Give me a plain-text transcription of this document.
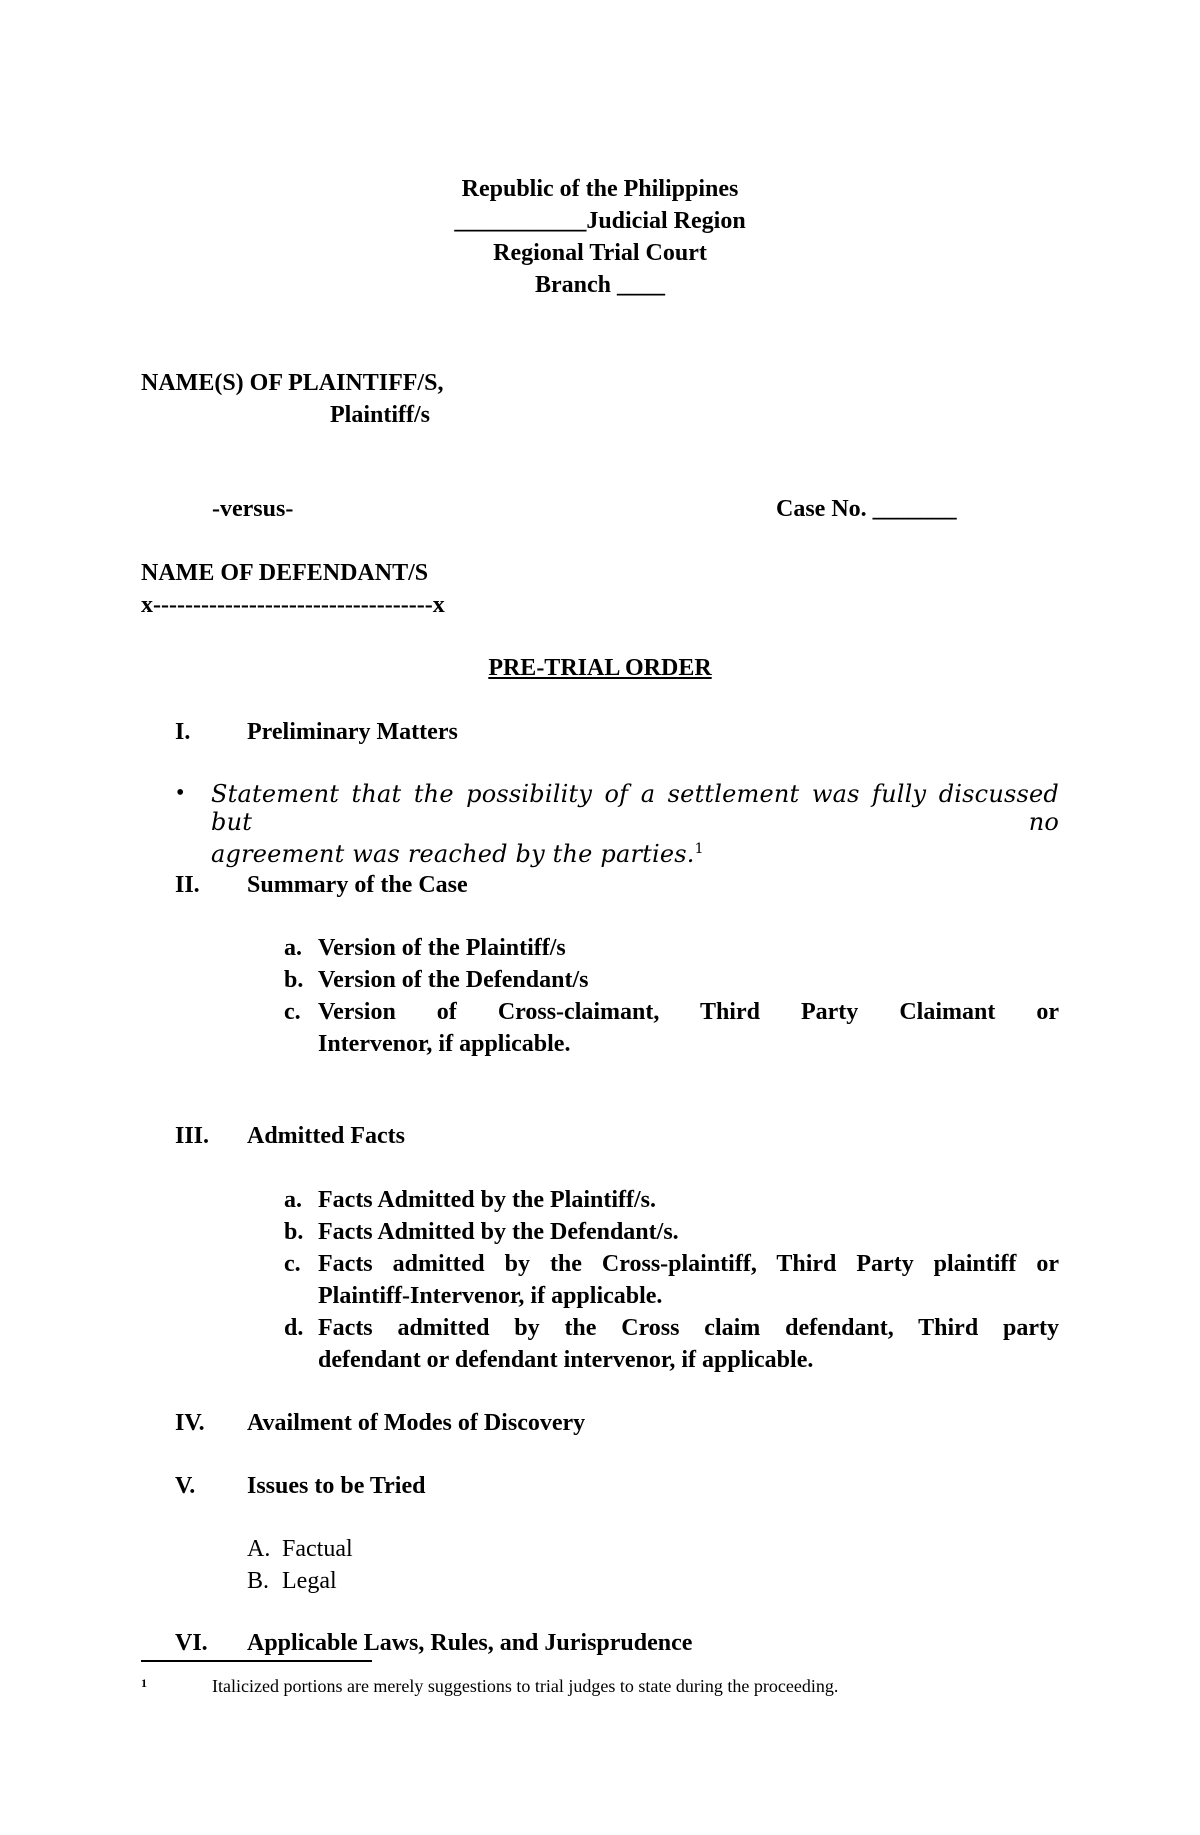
Republic of the Philippines
___________Judicial Region
Regional Trial Court
Branch ____
NAME(S) OF PLAINTIFF/S,
Plaintiff/s
-versus-	Case No. _______
NAME OF DEFENDANT/S
x-----------------------------------x
PRE-TRIAL ORDER
I. Preliminary Matters
• Statement that the possibility of a settlement was fully discussed but no
agreement was reached by the parties.$^1$
II. Summary of the Case
a. Version of the Plaintiff/s
b. Version of the Defendant/s
c. Version of Cross-claimant, Third Party Claimant or
Intervenor, if applicable.
III. Admitted Facts
a. Facts Admitted by the Plaintiff/s.
b. Facts Admitted by the Defendant/s.
c. Facts admitted by the Cross-plaintiff, Third Party plaintiff or
Plaintiff-Intervenor, if applicable.
d. Facts admitted by the Cross claim defendant, Third party
defendant or defendant intervenor, if applicable.
IV. Availment of Modes of Discovery
V. Issues to be Tried
A. Factual
B. Legal
VI. Applicable Laws, Rules, and Jurisprudence
1	Italicized portions are merely suggestions to trial judges to state during the proceeding.
